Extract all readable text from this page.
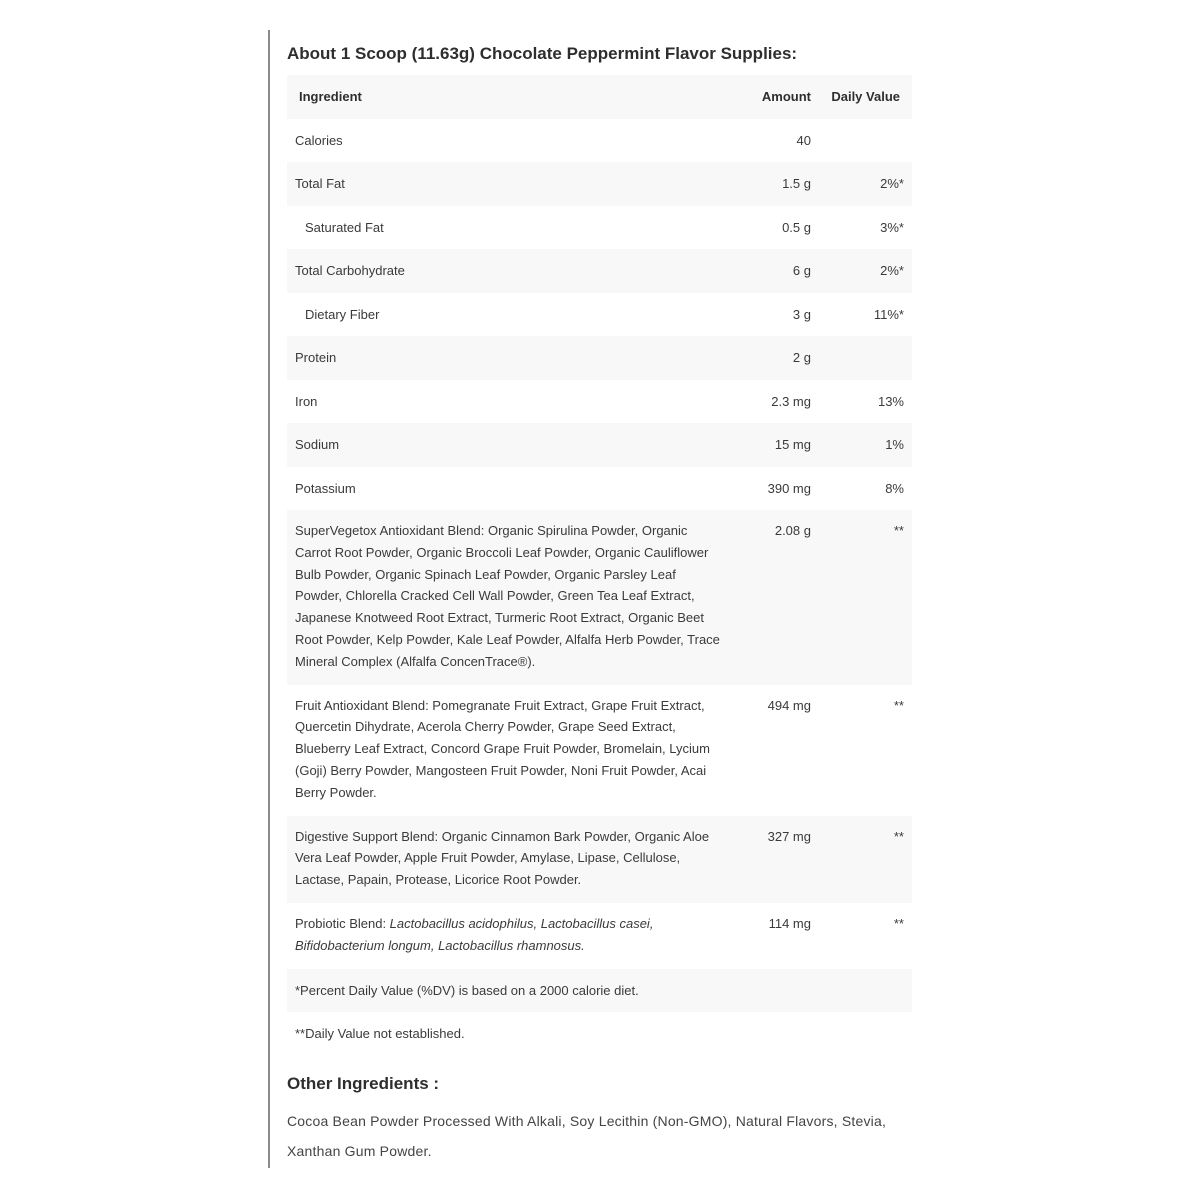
About 1 Scoop (11.63g) Chocolate Peppermint Flavor Supplies:
Ingredient	Amount	Daily Value
Calories	40	
Total Fat	1.5 g	2%*
Saturated Fat	0.5 g	3%*
Total Carbohydrate	6 g	2%*
Dietary Fiber	3 g	11%*
Protein	2 g	
Iron	2.3 mg	13%
Sodium	15 mg	1%
Potassium	390 mg	8%
SuperVegetox Antioxidant Blend: Organic Spirulina Powder, Organic Carrot Root Powder, Organic Broccoli Leaf Powder, Organic Cauliflower Bulb Powder, Organic Spinach Leaf Powder, Organic Parsley Leaf Powder, Chlorella Cracked Cell Wall Powder, Green Tea Leaf Extract, Japanese Knotweed Root Extract, Turmeric Root Extract, Organic Beet Root Powder, Kelp Powder, Kale Leaf Powder, Alfalfa Herb Powder, Trace Mineral Complex (Alfalfa ConcenTrace®).	2.08 g	**
Fruit Antioxidant Blend: Pomegranate Fruit Extract, Grape Fruit Extract, Quercetin Dihydrate, Acerola Cherry Powder, Grape Seed Extract, Blueberry Leaf Extract, Concord Grape Fruit Powder, Bromelain, Lycium (Goji) Berry Powder, Mangosteen Fruit Powder, Noni Fruit Powder, Acai Berry Powder.	494 mg	**
Digestive Support Blend: Organic Cinnamon Bark Powder, Organic Aloe Vera Leaf Powder, Apple Fruit Powder, Amylase, Lipase, Cellulose, Lactase, Papain, Protease, Licorice Root Powder.	327 mg	**
Probiotic Blend: Lactobacillus acidophilus, Lactobacillus casei, Bifidobacterium longum, Lactobacillus rhamnosus.	114 mg	**
*Percent Daily Value (%DV) is based on a 2000 calorie diet.		
**Daily Value not established.		
Other Ingredients :
Cocoa Bean Powder Processed With Alkali, Soy Lecithin (Non-GMO), Natural Flavors, Stevia, Xanthan Gum Powder.
